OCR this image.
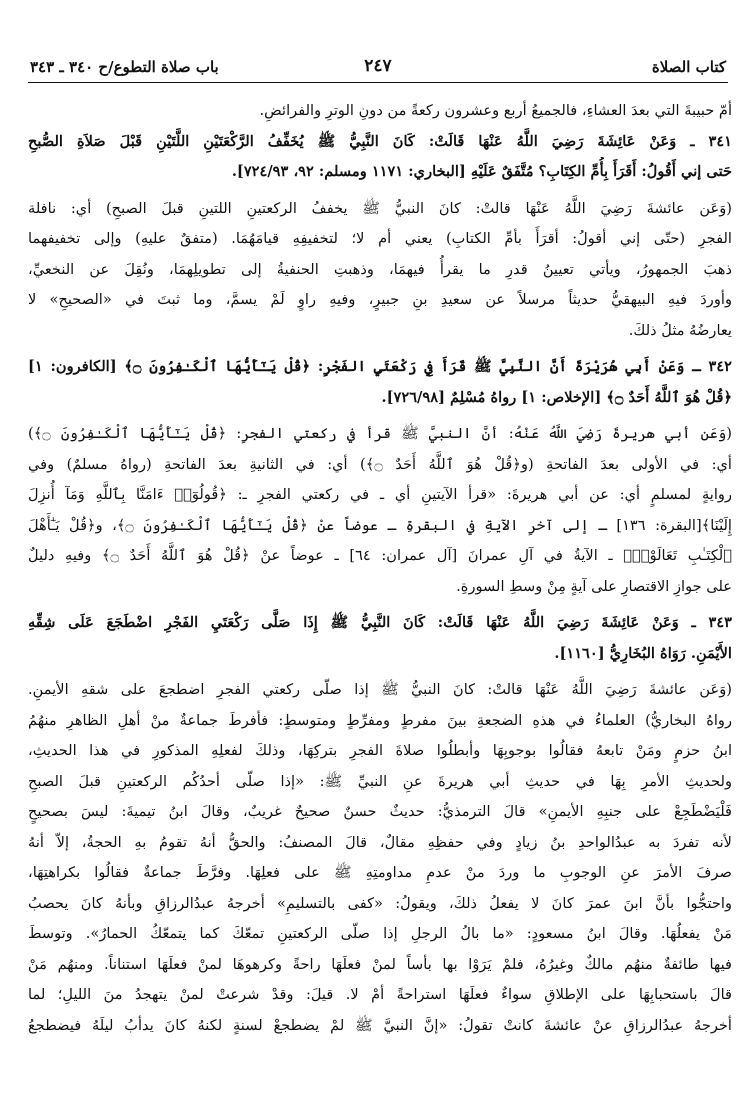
كتاب الصلاة
٢٤٧
باب صلاة التطوع/ح ٣٤٠ ـ ٣٤٣
أمّ حبيبةَ التي بعدَ العشاءِ، فالجميعُ أربع وعشرون ركعةً من دونِ الوترِ والفرائضِ.
٣٤١ ـ وَعَنْ عَائِشَةَ رَضِيَ اللَّهُ عَنْهَا قَالَتْ: كَانَ النَّبِيُّ ﷺ يُخَفِّفُ الرَّكْعَتَيْنِ اللَّتَيْنِ قَبْلَ صَلاَةِ الصُّبحِ
حَتى إني أَقُولُ: أَقَرَأَ بِأُمِّ الكِتَابِ؟ مُتَّفَقٌ عَلَيْهِ [البخاري: ١١٧١ ومسلم: ٩٢، ٧٢٤/٩٣].
(وَعَن عائشةَ رَضِيَ اللَّهُ عَنْهَا قالتْ: كانَ النبيُّ ﷺ يخففُ الركعتينِ اللتينِ قبلَ الصبحِ) أي: نافلة
الفجرِ (حتّى إني أقولُ: أقرَأَ بأمِّ الكتابِ) يعني أم لا؛ لتخفيفِهِ قيامَهُمَا. (متفقٌ عليهِ) وإلى تخفيفهما
ذهبَ الجمهورُ، ويأتي تعيينُ قدرِ ما يقرأُ فيهمَا، وذهبتِ الحنفيةُ إلى تطويلِهمَا، ونُقِلَ عن النخعيِّ،
وأوردَ فيهِ البيهقيُّ حديثاً مرسلاً عن سعيدِ بنِ جبيرٍ، وفيهِ راوٍ لَمْ يسمَّ، وما ثبتَ في «الصحيحِ» لا
يعارضُهُ مثلُ ذلكَ.
٣٤٢ ـ وَعَنْ أَبِي هُرَيْرَةَ أَنَّ النَّبِيَّ ﷺ قَرَأَ فِي رَكْعَتَيِ الفَجْرِ: ﴿قُلْ يَـٰٓأَيُّهَا ٱلْكَـٰفِرُونَ ۝﴾ [الكافرون: ١]
﴿قُلْ هُوَ ٱللَّهُ أَحَدٌ ۝﴾ [الإخلاص: ١] رواهُ مُسْلِمٌ [٧٢٦/٩٨].
(وَعَن أبي هريرةَ رَضِيَ اللَّهُ عَنْهُ: أنَّ النبيَّ ﷺ قرأ في ركعتي الفجرِ: ﴿قُلْ يَـٰٓأَيُّهَا ٱلْكَـٰفِرُونَ ۝﴾)
أي: في الأولى بعدَ الفاتحةِ (و﴿قُلْ هُوَ ٱللَّهُ أَحَدٌ ۝﴾) أي: في الثانيةِ بعدَ الفاتحةِ (رواهُ مسلمٌ) وفي
روايةٍ لمسلمٍ أي: عن أبي هريرةَ: «قرأ الآيتينِ أي ـ في ركعتي الفجرِ ـ: ﴿قُولُوٓا۟ ءَامَنَّا بِٱللَّهِ وَمَآ أُنزِلَ
إِلَيْنَا﴾[البقرة: ١٣٦] ـ إلى آخرِ الآيةِ في البقرةِ ـ عوضاً عنْ ﴿قُلْ يَـٰٓأَيُّهَا ٱلْكَـٰفِرُونَ ۝﴾، و﴿قُلْ يَـٰٓأَهْلَ
ٱلْكِتَـٰبِ تَعَالَوْا۟﴾ ـ الآيةُ في آلِ عمرانَ [آل عمران: ٦٤] ـ عوضاً عنْ ﴿قُلْ هُوَ ٱللَّهُ أَحَدٌ ۝﴾ وفيهِ دليلٌ
على جوازِ الاقتصارِ على آيةٍ مِنْ وسطِ السورةِ.
٣٤٣ ـ وَعَنْ عَائِشَةَ رَضِيَ اللَّهُ عَنْهَا قَالَتْ: كَانَ النَّبِيُّ ﷺ إِذَا صَلَّى رَكْعَتَيِ الفَجْرِ اضْطَجَعَ عَلَى شِقِّهِ
الأَيْمَنِ. رَوَاهُ البُخَارِيُّ [١١٦٠].
(وَعَن عائشةَ رَضِيَ اللَّهُ عَنْهَا قالتْ: كانَ النبيُّ ﷺ إذا صلّى ركعتي الفجرِ اضطجعَ على شقهِ الأيمنِ.
رواهُ البخاريُّ) العلماءُ في هذهِ الضجعةِ بينَ مفرطٍ ومفرِّطٍ ومتوسطٍ: فأفرطَ جماعةٌ منْ أهلِ الظاهرِ منهُمُ
ابنُ حزمٍ ومَنْ تابعهُ فقالُوا بوجوبِهَا وأبطلُوا صلاةَ الفجرِ بتركِهَا، وذلكَ لفعلِهِ المذكورِ في هذا الحديثِ،
ولحديثِ الأمرِ بِهَا في حديثِ أبي هريرةَ عنِ النبيِّ ﷺ: «إذا صلّى أحدُكُم الركعتينِ قبلَ الصبحِ
فَلْيَضْطَجِعْ على جنبِهِ الأيمنِ» قالَ الترمذيُّ: حديثٌ حسنٌ صحيحٌ غريبٌ، وقالَ ابنُ تيميةَ: ليسَ بصحيحٍ
لأنه تفردَ به عبدُالواحدِ بنُ زيادٍ وفي حفظِهِ مقالٌ، قالَ المصنفُ: والحقُّ أنهُ تقومُ بهِ الحجةُ، إلاّ أنهُ
صرفَ الأمرَ عنِ الوجوبِ ما وردَ منْ عدمِ مداومتِهِ ﷺ على فعلِهَا. وفرَّطَ جماعةٌ فقالُوا بكراهتِهَا،
واحتجُّوا بأنَّ ابنَ عمرَ كانَ لا يفعلُ ذلكَ، ويقولُ: «كفى بالتسليمِ» أخرجهُ عبدُالرزاقِ وبأنهُ كانَ يحصبُ
مَنْ يفعلُهَا. وقالَ ابنُ مسعودٍ: «ما بالُ الرجلِ إذا صلّى الركعتينِ تمعّكَ كما يتمعّكُ الحمارُ». وتوسطَ
فيها طائفةٌ منهُم مالكٌ وغيرُهُ، فلمْ يَرَوْا بها بأساً لمنْ فعلَهَا راحةً وكرهوهَا لمنْ فعلَهَا استناناً. ومنهُم مَنْ
قالَ باستحبابِهَا على الإطلاقِ سواءٌ فعلَهَا استراحةً أمْ لا. قيلَ: وقدْ شرعتْ لمنْ يتهجدُ منَ الليلِ؛ لما
أخرجهُ عبدُالرزاقِ عنْ عائشةَ كانتْ تقولُ: «إنَّ النبيَّ ﷺ لمْ يضطجعْ لسنةٍ لكنهُ كانَ يدأبُ ليلَهُ فيضطجعُ
